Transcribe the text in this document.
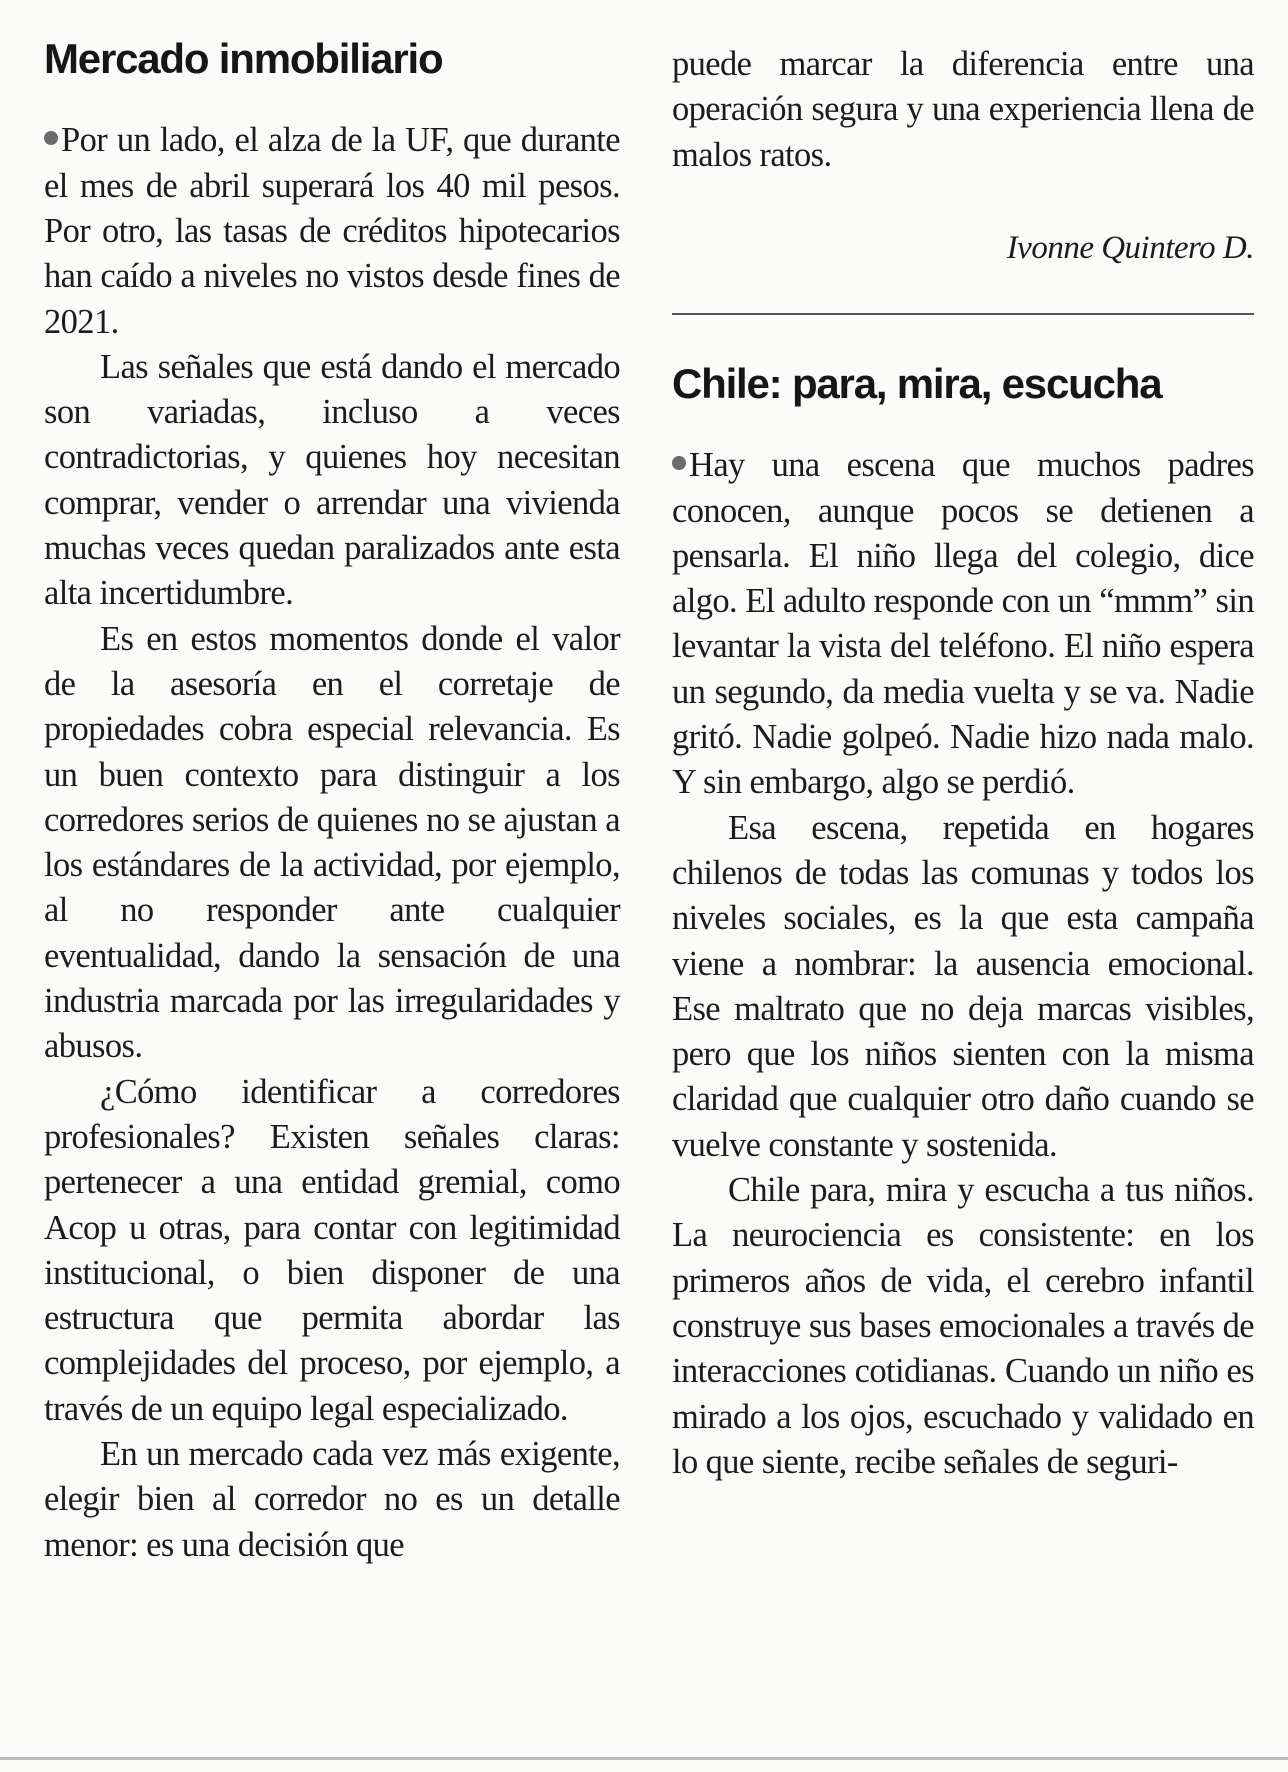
Mercado inmobiliario

Por un lado, el alza de la UF, que durante el mes de abril superará los 40 mil pesos. Por otro, las tasas de créditos hipotecarios han caído a niveles no vistos desde fines de 2021.

Las señales que está dando el mercado son variadas, incluso a veces contradictorias, y quienes hoy necesitan comprar, vender o arrendar una vivienda muchas veces quedan paralizados ante esta alta incertidumbre.

Es en estos momentos donde el valor de la asesoría en el corretaje de propiedades cobra especial relevancia. Es un buen contexto para distinguir a los corredores serios de quienes no se ajustan a los estándares de la actividad, por ejemplo, al no responder ante cualquier eventualidad, dando la sensación de una industria marcada por las irregularidades y abusos.

¿Cómo identificar a corredores profesionales? Existen señales claras: pertenecer a una entidad gremial, como Acop u otras, para contar con legitimidad institucional, o bien disponer de una estructura que permita abordar las complejidades del proceso, por ejemplo, a través de un equipo legal especializado.

En un mercado cada vez más exigente, elegir bien al corredor no es un detalle menor: es una decisión que

puede marcar la diferencia entre una operación segura y una experiencia llena de malos ratos.

Ivonne Quintero D.

Chile: para, mira, escucha

Hay una escena que muchos padres conocen, aunque pocos se detienen a pensarla. El niño llega del colegio, dice algo. El adulto responde con un “mmm” sin levantar la vista del teléfono. El niño espera un segundo, da media vuelta y se va. Nadie gritó. Nadie golpeó. Nadie hizo nada malo. Y sin embargo, algo se perdió.

Esa escena, repetida en hogares chilenos de todas las comunas y todos los niveles sociales, es la que esta campaña viene a nombrar: la ausencia emocional. Ese maltrato que no deja marcas visibles, pero que los niños sienten con la misma claridad que cualquier otro daño cuando se vuelve constante y sostenida.

Chile para, mira y escucha a tus niños. La neurociencia es consistente: en los primeros años de vida, el cerebro infantil construye sus bases emocionales a través de interacciones cotidianas. Cuando un niño es mirado a los ojos, escuchado y validado en lo que siente, recibe señales de seguri-
